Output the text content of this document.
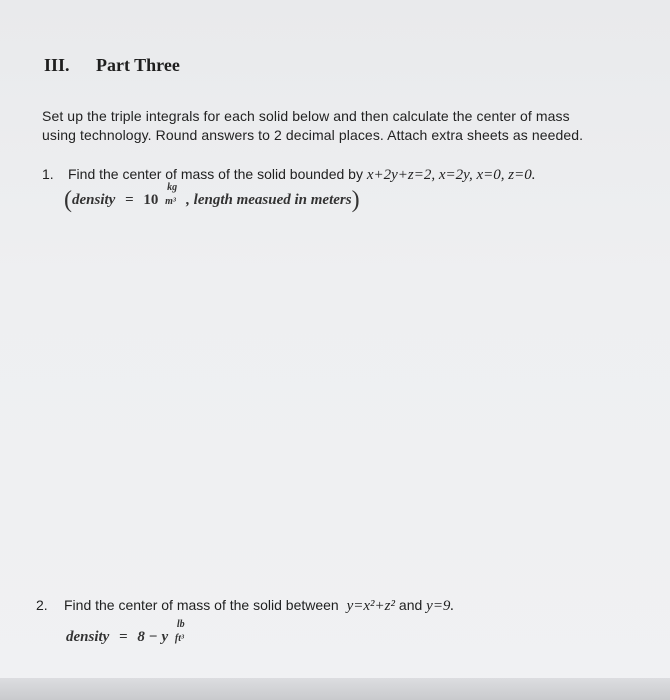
III. Part Three
Set up the triple integrals for each solid below and then calculate the center of mass
using technology. Round answers to 2 decimal places. Attach extra sheets as needed.
1. Find the center of mass of the solid bounded by x+2y+z=2, x=2y, x=0, z=0.
(density = 10
kg
m³ , length measued in meters)
2. Find the center of mass of the solid between y=x²+z² and y=9.
density = 8 − y
lb
ft³
